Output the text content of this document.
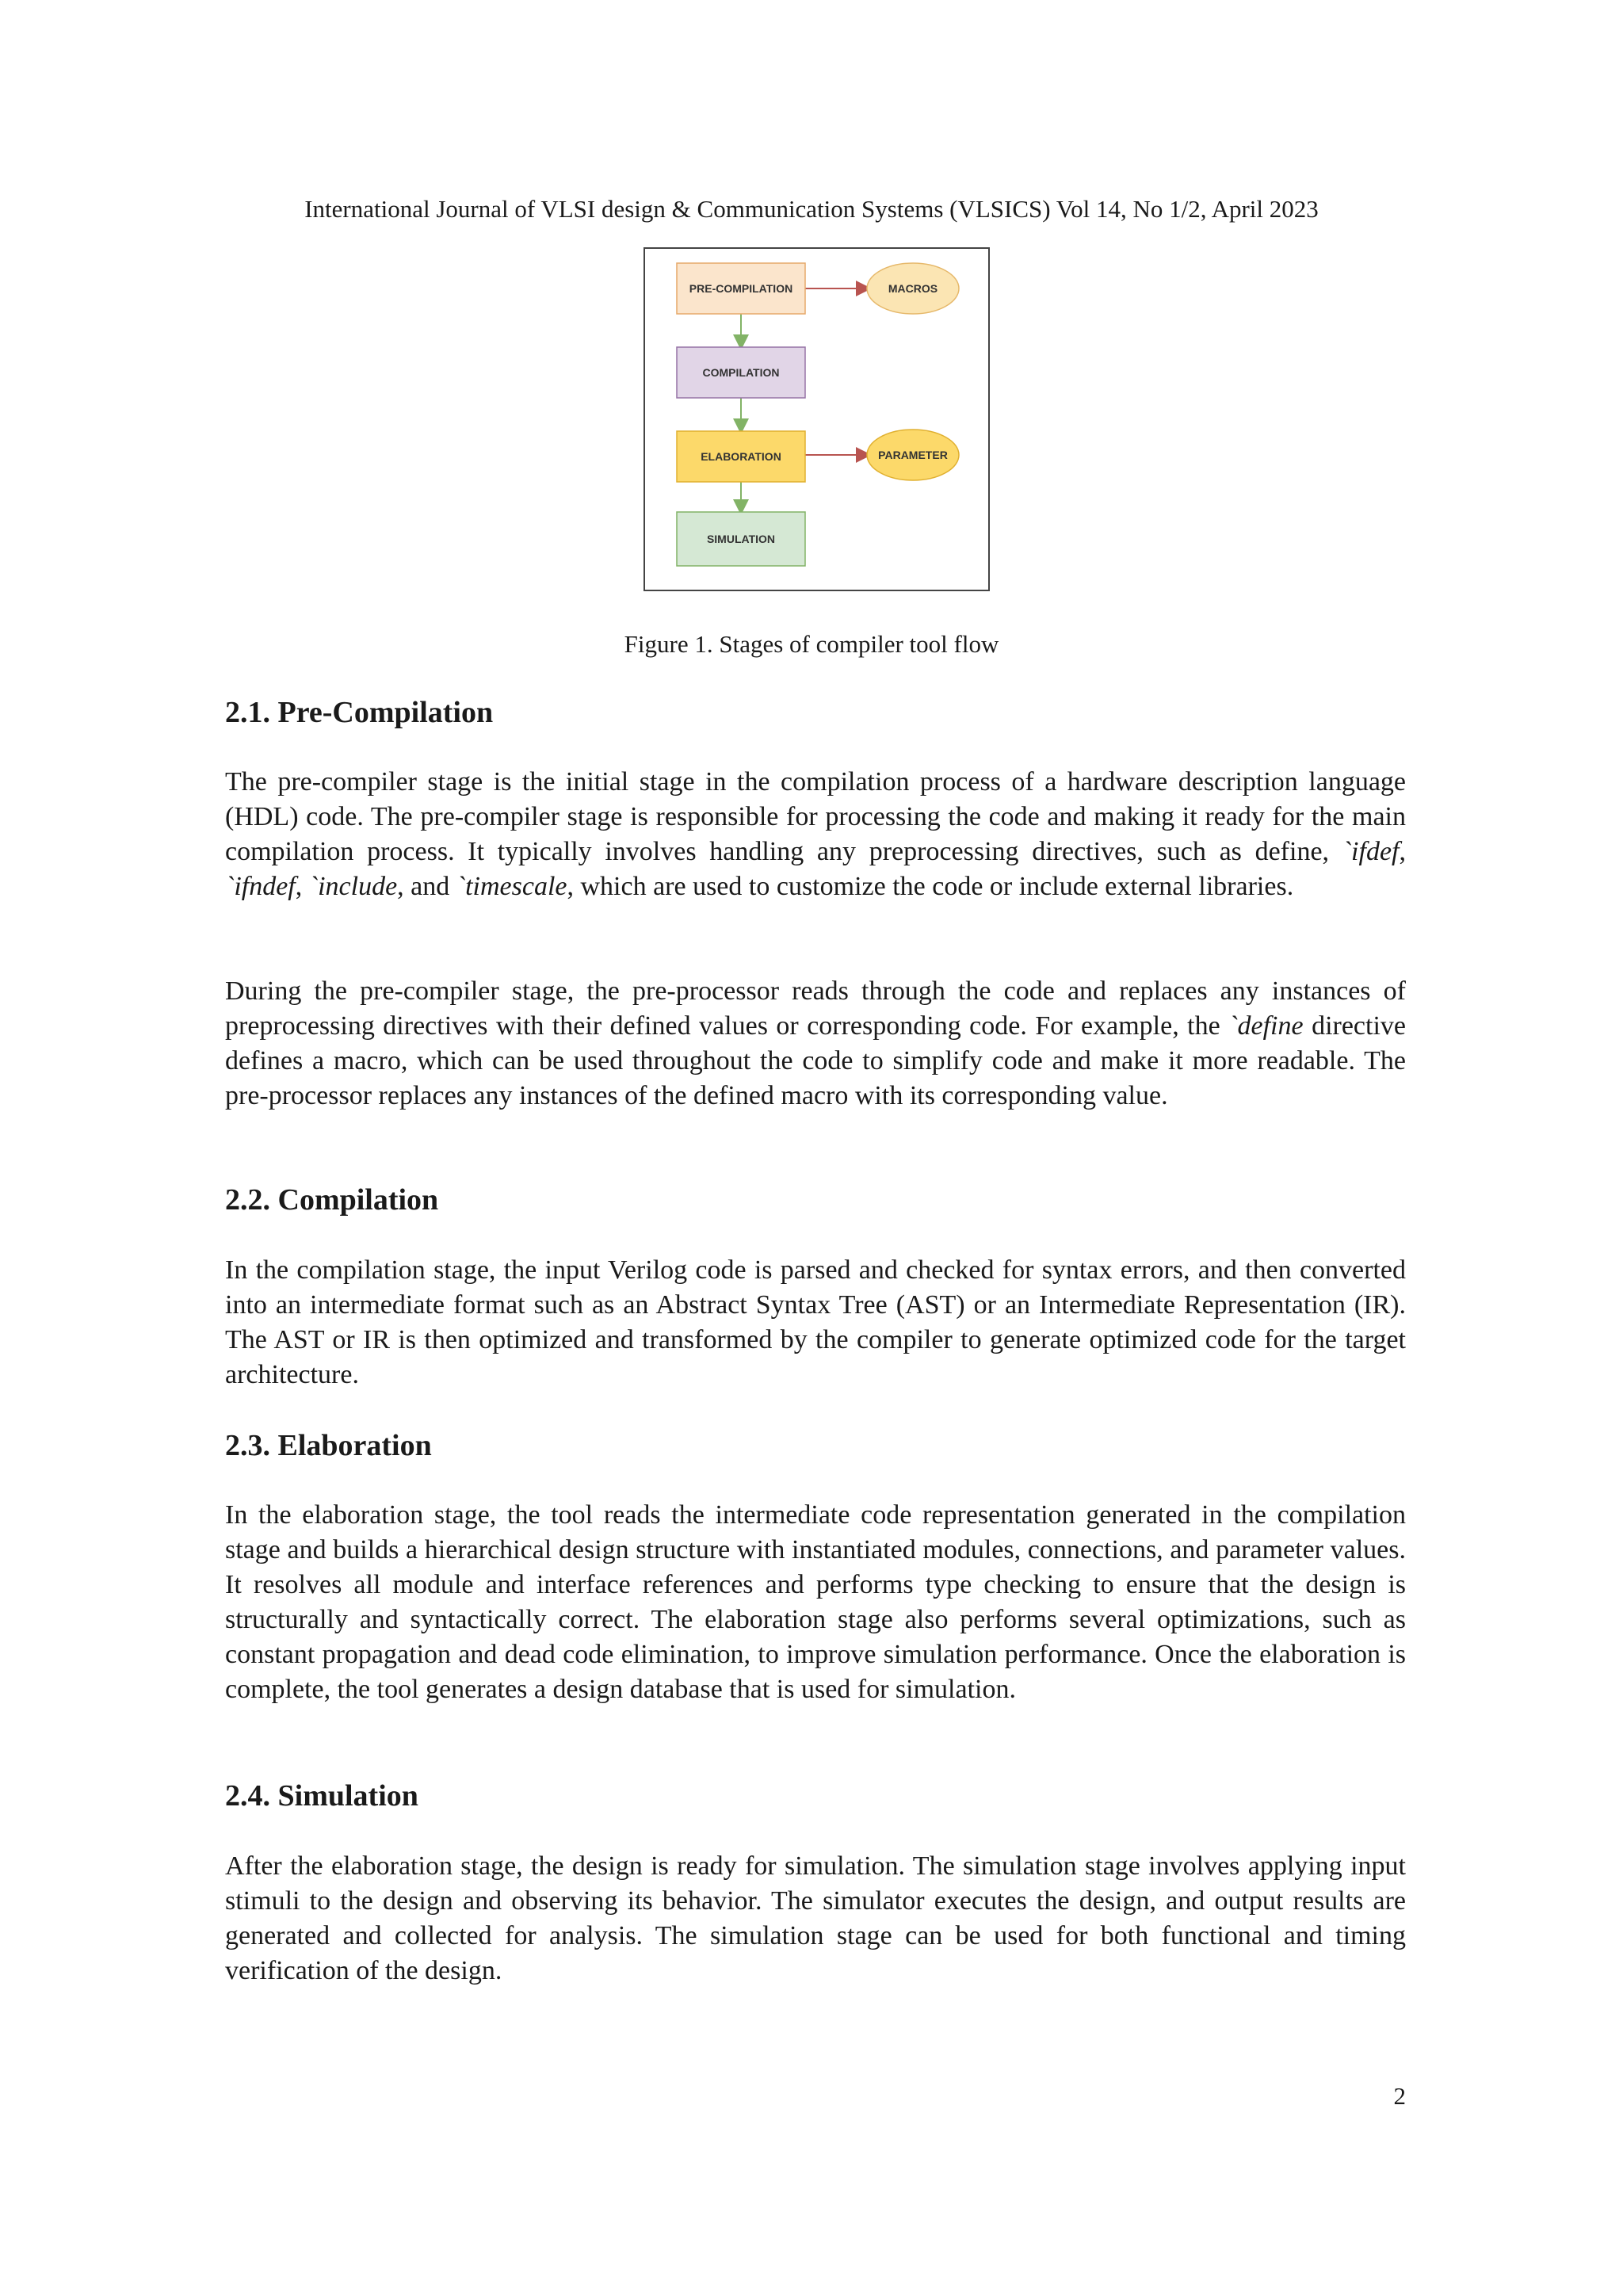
International Journal of VLSI design & Communication Systems (VLSICS) Vol 14, No 1/2, April 2023
PRE-COMPILATION
COMPILATION
ELABORATION
SIMULATION
MACROS
PARAMETER
Figure 1. Stages of compiler tool flow
2.1. Pre-Compilation

The pre-compiler stage is the initial stage in the compilation process of a hardware description language (HDL) code. The pre-compiler stage is responsible for processing the code and making it ready for the main compilation process. It typically involves handling any preprocessing directives, such as define, `ifdef, `ifndef, `include, and `timescale, which are used to customize the code or include external libraries.

During the pre-compiler stage, the pre-processor reads through the code and replaces any instances of preprocessing directives with their defined values or corresponding code. For example, the `define directive defines a macro, which can be used throughout the code to simplify code and make it more readable. The pre-processor replaces any instances of the defined macro with its corresponding value.

2.2. Compilation

In the compilation stage, the input Verilog code is parsed and checked for syntax errors, and then converted into an intermediate format such as an Abstract Syntax Tree (AST) or an Intermediate Representation (IR). The AST or IR is then optimized and transformed by the compiler to generate optimized code for the target architecture.

2.3. Elaboration

In the elaboration stage, the tool reads the intermediate code representation generated in the compilation stage and builds a hierarchical design structure with instantiated modules, connections, and parameter values. It resolves all module and interface references and performs type checking to ensure that the design is structurally and syntactically correct. The elaboration stage also performs several optimizations, such as constant propagation and dead code elimination, to improve simulation performance. Once the elaboration is complete, the tool generates a design database that is used for simulation.

2.4. Simulation

After the elaboration stage, the design is ready for simulation. The simulation stage involves applying input stimuli to the design and observing its behavior. The simulator executes the design, and output results are generated and collected for analysis. The simulation stage can be used for both functional and timing verification of the design.

2
